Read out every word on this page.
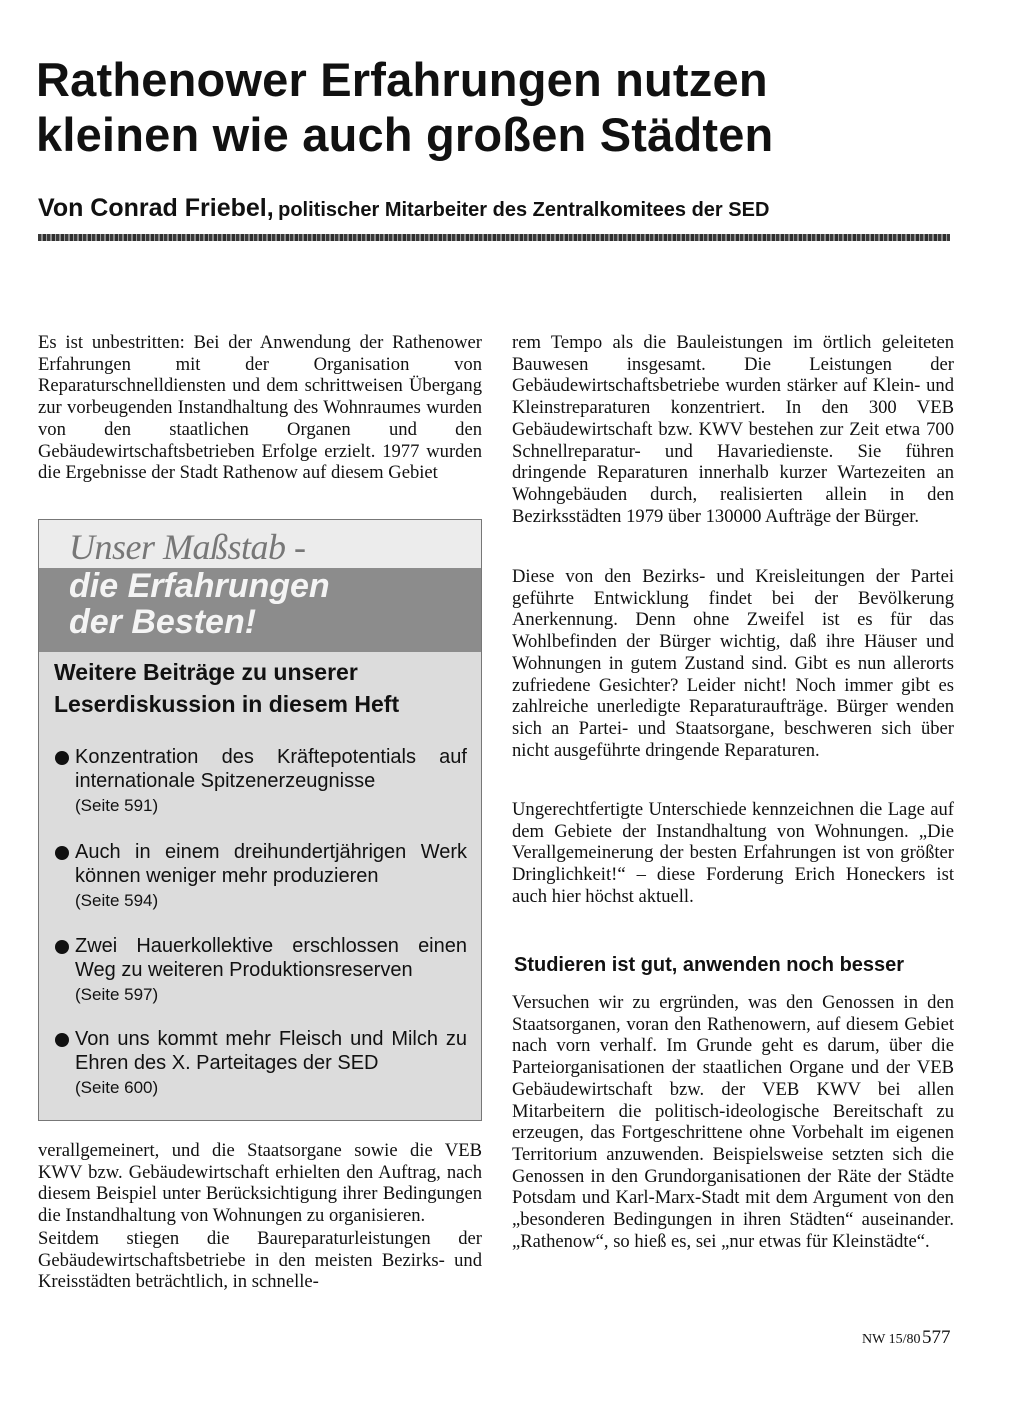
Rathenower Erfahrungen nutzen
kleinen wie auch großen Städten
Von Conrad Friebel, politischer Mitarbeiter des Zentralkomitees der SED

Es ist unbestritten: Bei der Anwendung der Rathenower Erfahrungen mit der Organisation von Reparaturschnelldiensten und dem schrittweisen Übergang zur vorbeugenden Instandhaltung des Wohnraumes wurden von den staatlichen Organen und den Gebäudewirtschaftsbetrieben Erfolge erzielt. 1977 wurden die Ergebnisse der Stadt Rathenow auf diesem Gebiet

Unser Maßstab -
die Erfahrungen
der Besten!
Weitere Beiträge zu unserer
Leserdiskussion in diesem Heft
Konzentration des Kräftepotentials auf internationale Spitzenerzeugnisse
(Seite 591)
Auch in einem dreihundertjährigen Werk können weniger mehr produzieren
(Seite 594)
Zwei Hauerkollektive erschlossen einen Weg zu weiteren Produktionsreserven
(Seite 597)
Von uns kommt mehr Fleisch und Milch zu Ehren des X. Parteitages der SED
(Seite 600)

verallgemeinert, und die Staatsorgane sowie die VEB KWV bzw. Gebäudewirtschaft erhielten den Auftrag, nach diesem Beispiel unter Berücksichtigung ihrer Bedingungen die Instandhaltung von Wohnungen zu organisieren.

Seitdem stiegen die Baureparaturleistungen der Gebäudewirtschaftsbetriebe in den meisten Bezirks- und Kreisstädten beträchtlich, in schnelle-

rem Tempo als die Bauleistungen im örtlich geleiteten Bauwesen insgesamt. Die Leistungen der Gebäudewirtschaftsbetriebe wurden stärker auf Klein- und Kleinstreparaturen konzentriert. In den 300 VEB Gebäudewirtschaft bzw. KWV bestehen zur Zeit etwa 700 Schnellreparatur- und Havariedienste. Sie führen dringende Reparaturen innerhalb kurzer Wartezeiten an Wohngebäuden durch, realisierten allein in den Bezirksstädten 1979 über 130000 Aufträge der Bürger.

Diese von den Bezirks- und Kreisleitungen der Partei geführte Entwicklung findet bei der Bevölkerung Anerkennung. Denn ohne Zweifel ist es für das Wohlbefinden der Bürger wichtig, daß ihre Häuser und Wohnungen in gutem Zustand sind. Gibt es nun allerorts zufriedene Gesichter? Leider nicht! Noch immer gibt es zahlreiche unerledigte Reparaturaufträge. Bürger wenden sich an Partei- und Staatsorgane, beschweren sich über nicht ausgeführte dringende Reparaturen.

Ungerechtfertigte Unterschiede kennzeichnen die Lage auf dem Gebiete der Instandhaltung von Wohnungen. „Die Verallgemeinerung der besten Erfahrungen ist von größter Dringlichkeit!“ – diese Forderung Erich Honeckers ist auch hier höchst aktuell.

Studieren ist gut, anwenden noch besser

Versuchen wir zu ergründen, was den Genossen in den Staatsorganen, voran den Rathenowern, auf diesem Gebiet nach vorn verhalf. Im Grunde geht es darum, über die Parteiorganisationen der staatlichen Organe und der VEB Gebäudewirtschaft bzw. der VEB KWV bei allen Mitarbeitern die politisch-ideologische Bereitschaft zu erzeugen, das Fortgeschrittene ohne Vorbehalt im eigenen Territorium anzuwenden. Beispielsweise setzten sich die Genossen in den Grundorganisationen der Räte der Städte Potsdam und Karl-Marx-Stadt mit dem Argument von den „besonderen Bedingungen in ihren Städten“ auseinander. „Rathenow“, so hieß es, sei „nur etwas für Kleinstädte“.

NW 15/80 577
